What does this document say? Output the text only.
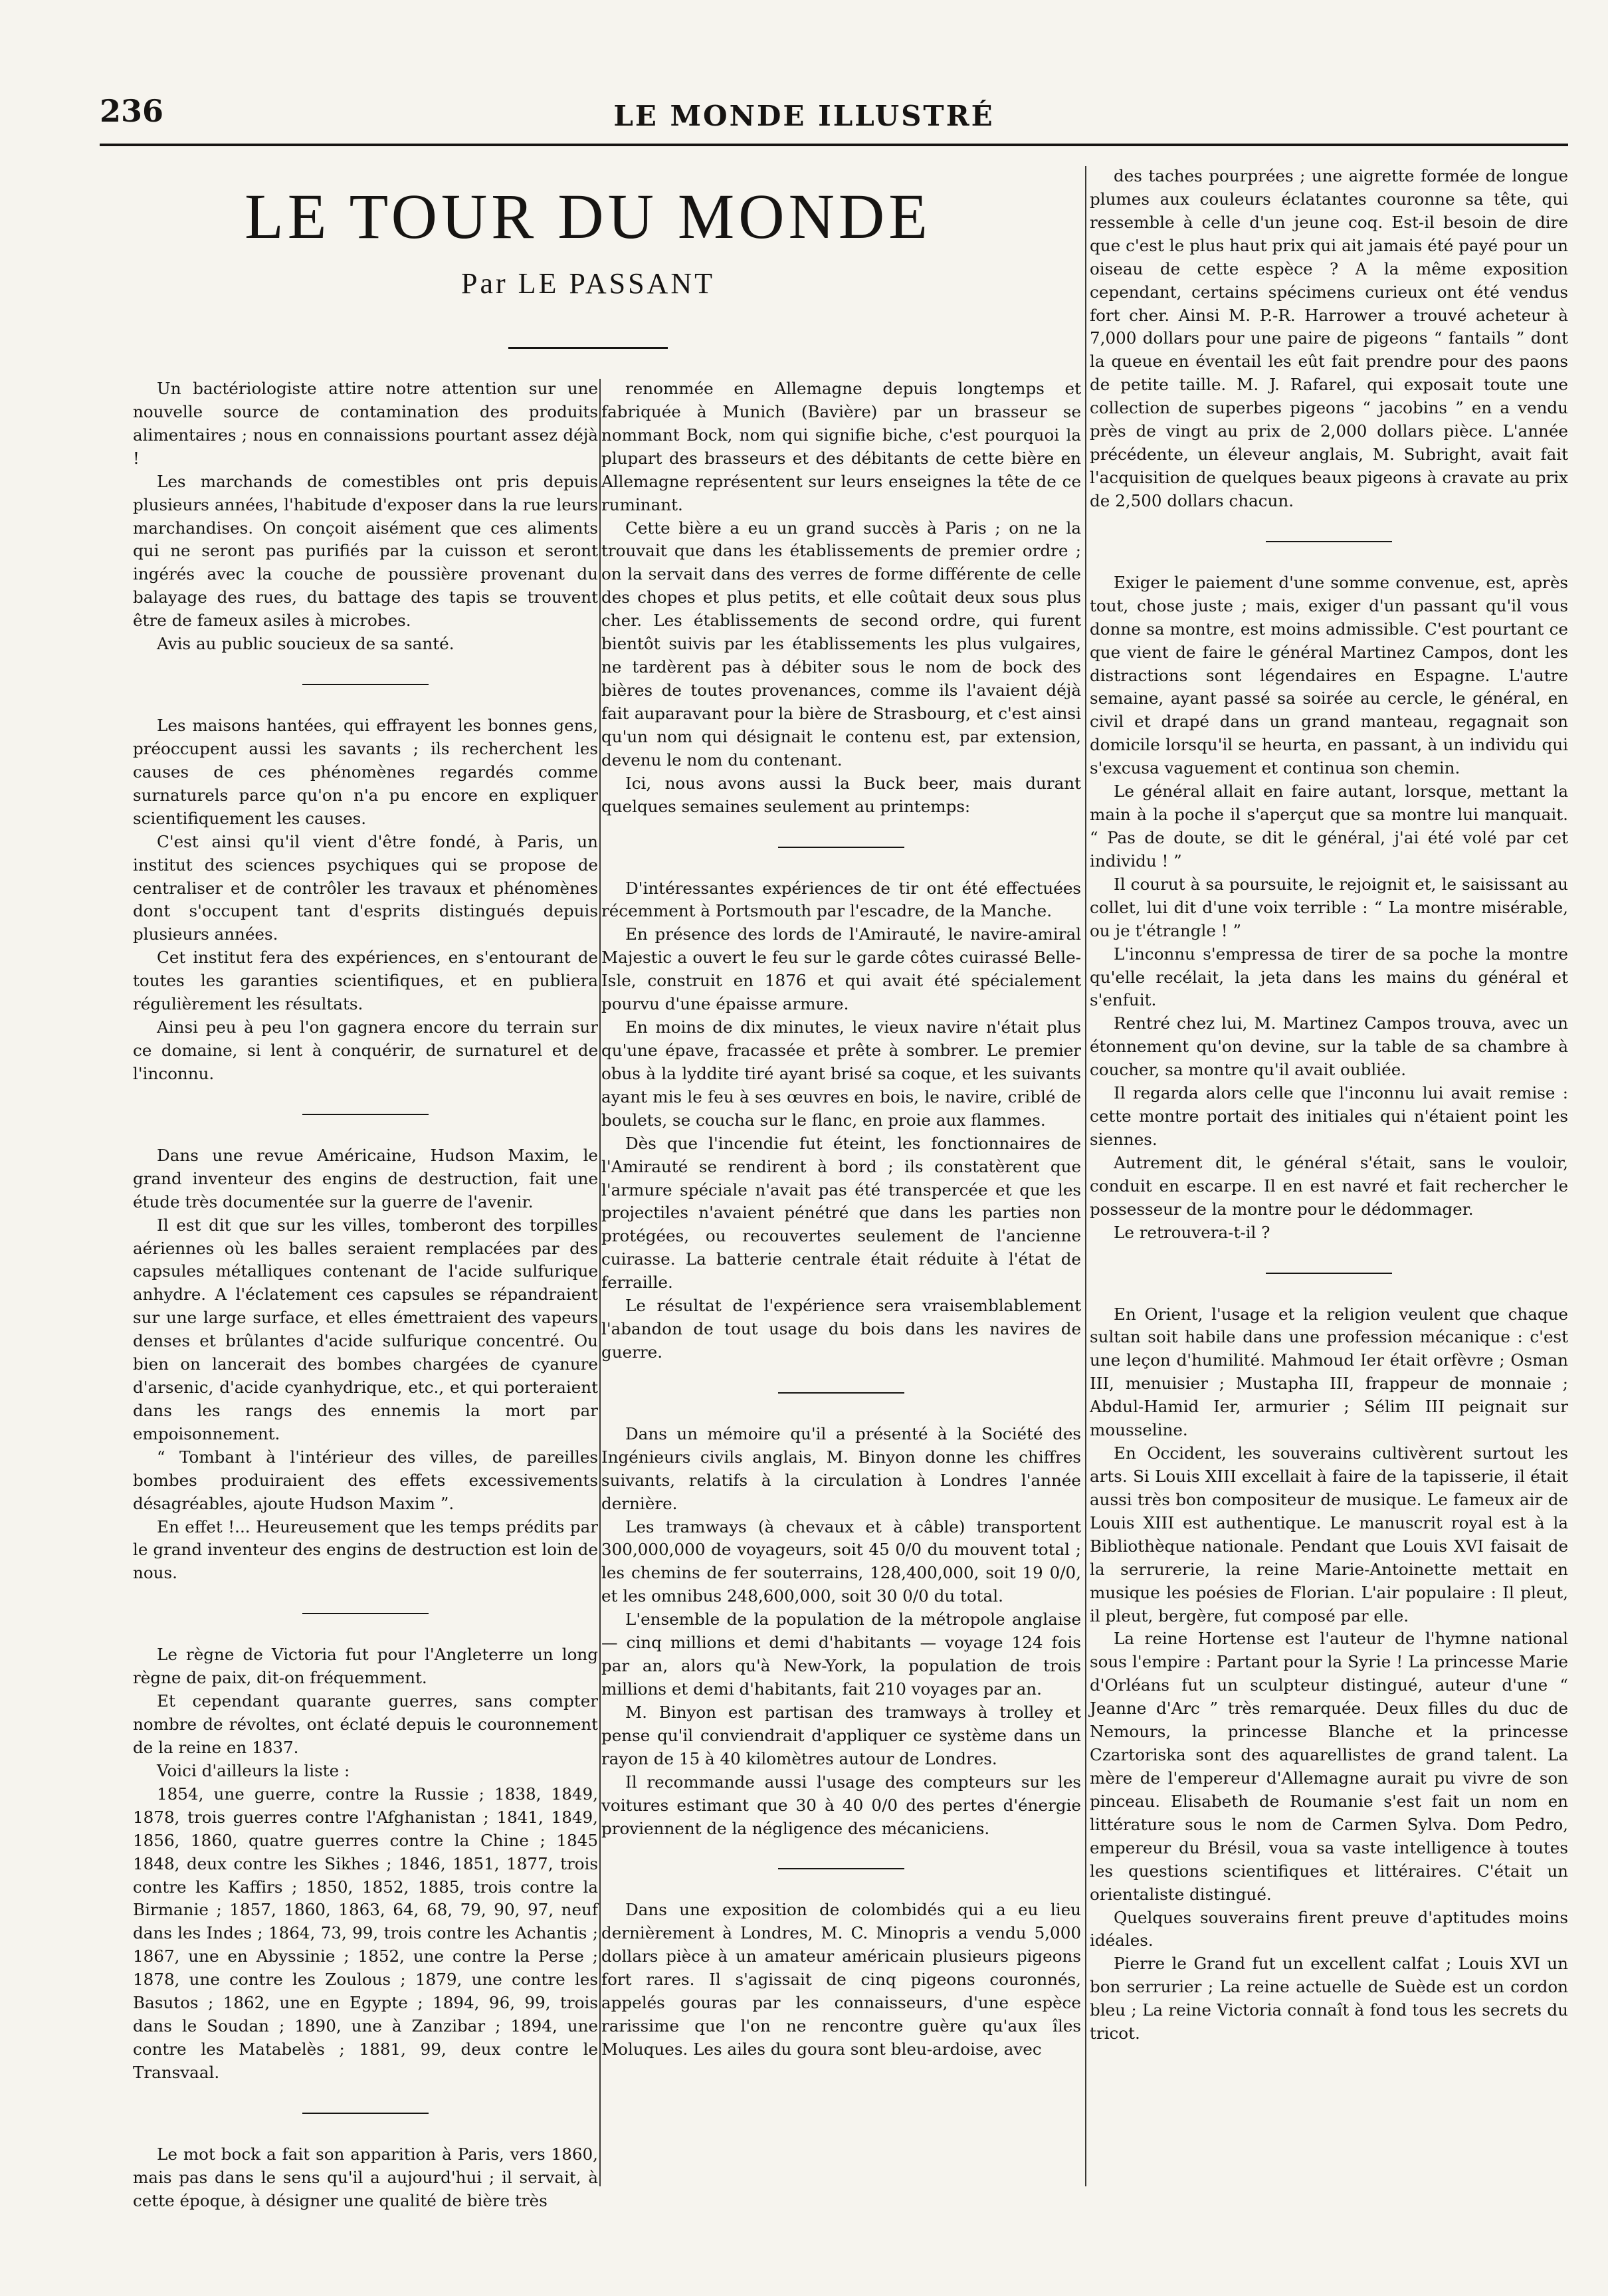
236	LE MONDE ILLUSTRÉ
LE TOUR DU MONDE
Par LE PASSANT

Un bactériologiste attire notre attention sur une nouvelle source de contamination des produits alimentaires ; nous en connaissions pourtant assez déjà !

Les marchands de comestibles ont pris depuis plusieurs années, l'habitude d'exposer dans la rue leurs marchandises. On conçoit aisément que ces aliments qui ne seront pas purifiés par la cuisson et seront ingérés avec la couche de poussière provenant du balayage des rues, du battage des tapis se trouvent être de fameux asiles à microbes.

Avis au public soucieux de sa santé.

Les maisons hantées, qui effrayent les bonnes gens, préoccupent aussi les savants ; ils recherchent les causes de ces phénomènes regardés comme surnaturels parce qu'on n'a pu encore en expliquer scientifiquement les causes.

C'est ainsi qu'il vient d'être fondé, à Paris, un institut des sciences psychiques qui se propose de centraliser et de contrôler les travaux et phénomènes dont s'occupent tant d'esprits distingués depuis plusieurs années.

Cet institut fera des expériences, en s'entourant de toutes les garanties scientifiques, et en publiera régulièrement les résultats.

Ainsi peu à peu l'on gagnera encore du terrain sur ce domaine, si lent à conquérir, de surnaturel et de l'inconnu.

Dans une revue Américaine, Hudson Maxim, le grand inventeur des engins de destruction, fait une étude très documentée sur la guerre de l'avenir.

Il est dit que sur les villes, tomberont des torpilles aériennes où les balles seraient remplacées par des capsules métalliques contenant de l'acide sulfurique anhydre. A l'éclatement ces capsules se répandraient sur une large surface, et elles émettraient des vapeurs denses et brûlantes d'acide sulfurique concentré. Ou bien on lancerait des bombes chargées de cyanure d'arsenic, d'acide cyanhydrique, etc., et qui porteraient dans les rangs des ennemis la mort par empoisonnement.

“ Tombant à l'intérieur des villes, de pareilles bombes produiraient des effets excessivements désagréables, ajoute Hudson Maxim ”.

En effet !... Heureusement que les temps prédits par le grand inventeur des engins de destruction est loin de nous.

Le règne de Victoria fut pour l'Angleterre un long règne de paix, dit-on fréquemment.

Et cependant quarante guerres, sans compter nombre de révoltes, ont éclaté depuis le couronnement de la reine en 1837.

Voici d'ailleurs la liste :

1854, une guerre, contre la Russie ; 1838, 1849, 1878, trois guerres contre l'Afghanistan ; 1841, 1849, 1856, 1860, quatre guerres contre la Chine ; 1845 1848, deux contre les Sikhes ; 1846, 1851, 1877, trois contre les Kaffirs ; 1850, 1852, 1885, trois contre la Birmanie ; 1857, 1860, 1863, 64, 68, 79, 90, 97, neuf dans les Indes ; 1864, 73, 99, trois contre les Achantis ; 1867, une en Abyssinie ; 1852, une contre la Perse ; 1878, une contre les Zoulous ; 1879, une contre les Basutos ; 1862, une en Egypte ; 1894, 96, 99, trois dans le Soudan ; 1890, une à Zanzibar ; 1894, une contre les Matabelès ; 1881, 99, deux contre le Transvaal.

Le mot bock a fait son apparition à Paris, vers 1860, mais pas dans le sens qu'il a aujourd'hui ; il servait, à cette époque, à désigner une qualité de bière très

renommée en Allemagne depuis longtemps et fabriquée à Munich (Bavière) par un brasseur se nommant Bock, nom qui signifie biche, c'est pourquoi la plupart des brasseurs et des débitants de cette bière en Allemagne représentent sur leurs enseignes la tête de ce ruminant.

Cette bière a eu un grand succès à Paris ; on ne la trouvait que dans les établissements de premier ordre ; on la servait dans des verres de forme différente de celle des chopes et plus petits, et elle coûtait deux sous plus cher. Les établissements de second ordre, qui furent bientôt suivis par les établissements les plus vulgaires, ne tardèrent pas à débiter sous le nom de bock des bières de toutes provenances, comme ils l'avaient déjà fait auparavant pour la bière de Strasbourg, et c'est ainsi qu'un nom qui désignait le contenu est, par extension, devenu le nom du contenant.

Ici, nous avons aussi la Buck beer, mais durant quelques semaines seulement au printemps:

D'intéressantes expériences de tir ont été effectuées récemment à Portsmouth par l'escadre, de la Manche.

En présence des lords de l'Amirauté, le navire-amiral Majestic a ouvert le feu sur le garde côtes cuirassé Belle-Isle, construit en 1876 et qui avait été spécialement pourvu d'une épaisse armure.

En moins de dix minutes, le vieux navire n'était plus qu'une épave, fracassée et prête à sombrer. Le premier obus à la lyddite tiré ayant brisé sa coque, et les suivants ayant mis le feu à ses œuvres en bois, le navire, criblé de boulets, se coucha sur le flanc, en proie aux flammes.

Dès que l'incendie fut éteint, les fonctionnaires de l'Amirauté se rendirent à bord ; ils constatèrent que l'armure spéciale n'avait pas été transpercée et que les projectiles n'avaient pénétré que dans les parties non protégées, ou recouvertes seulement de l'ancienne cuirasse. La batterie centrale était réduite à l'état de ferraille.

Le résultat de l'expérience sera vraisemblablement l'abandon de tout usage du bois dans les navires de guerre.

Dans un mémoire qu'il a présenté à la Société des Ingénieurs civils anglais, M. Binyon donne les chiffres suivants, relatifs à la circulation à Londres l'année dernière.

Les tramways (à chevaux et à câble) transportent 300,000,000 de voyageurs, soit 45 0/0 du mouvent total ; les chemins de fer souterrains, 128,400,000, soit 19 0/0, et les omnibus 248,600,000, soit 30 0/0 du total.

L'ensemble de la population de la métropole anglaise — cinq millions et demi d'habitants — voyage 124 fois par an, alors qu'à New-York, la population de trois millions et demi d'habitants, fait 210 voyages par an.

M. Binyon est partisan des tramways à trolley et pense qu'il conviendrait d'appliquer ce système dans un rayon de 15 à 40 kilomètres autour de Londres.

Il recommande aussi l'usage des compteurs sur les voitures estimant que 30 à 40 0/0 des pertes d'énergie proviennent de la négligence des mécaniciens.

Dans une exposition de colombidés qui a eu lieu dernièrement à Londres, M. C. Minopris a vendu 5,000 dollars pièce à un amateur américain plusieurs pigeons fort rares. Il s'agissait de cinq pigeons couronnés, appelés gouras par les connaisseurs, d'une espèce rarissime que l'on ne rencontre guère qu'aux îles Moluques. Les ailes du goura sont bleu-ardoise, avec

des taches pourprées ; une aigrette formée de longue plumes aux couleurs éclatantes couronne sa tête, qui ressemble à celle d'un jeune coq. Est-il besoin de dire que c'est le plus haut prix qui ait jamais été payé pour un oiseau de cette espèce ? A la même exposition cependant, certains spécimens curieux ont été vendus fort cher. Ainsi M. P.-R. Harrower a trouvé acheteur à 7,000 dollars pour une paire de pigeons “ fantails ” dont la queue en éventail les eût fait prendre pour des paons de petite taille. M. J. Rafarel, qui exposait toute une collection de superbes pigeons “ jacobins ” en a vendu près de vingt au prix de 2,000 dollars pièce. L'année précédente, un éleveur anglais, M. Subright, avait fait l'acquisition de quelques beaux pigeons à cravate au prix de 2,500 dollars chacun.

Exiger le paiement d'une somme convenue, est, après tout, chose juste ; mais, exiger d'un passant qu'il vous donne sa montre, est moins admissible. C'est pourtant ce que vient de faire le général Martinez Campos, dont les distractions sont légendaires en Espagne. L'autre semaine, ayant passé sa soirée au cercle, le général, en civil et drapé dans un grand manteau, regagnait son domicile lorsqu'il se heurta, en passant, à un individu qui s'excusa vaguement et continua son chemin.

Le général allait en faire autant, lorsque, mettant la main à la poche il s'aperçut que sa montre lui manquait. “ Pas de doute, se dit le général, j'ai été volé par cet individu ! ”

Il courut à sa poursuite, le rejoignit et, le saisissant au collet, lui dit d'une voix terrible : “ La montre misérable, ou je t'étrangle ! ”

L'inconnu s'empressa de tirer de sa poche la montre qu'elle recélait, la jeta dans les mains du général et s'enfuit.

Rentré chez lui, M. Martinez Campos trouva, avec un étonnement qu'on devine, sur la table de sa chambre à coucher, sa montre qu'il avait oubliée.

Il regarda alors celle que l'inconnu lui avait remise : cette montre portait des initiales qui n'étaient point les siennes.

Autrement dit, le général s'était, sans le vouloir, conduit en escarpe. Il en est navré et fait rechercher le possesseur de la montre pour le dédommager.

Le retrouvera-t-il ?

En Orient, l'usage et la religion veulent que chaque sultan soit habile dans une profession mécanique : c'est une leçon d'humilité. Mahmoud Ier était orfèvre ; Osman III, menuisier ; Mustapha III, frappeur de monnaie ; Abdul-Hamid Ier, armurier ; Sélim III peignait sur mousseline.

En Occident, les souverains cultivèrent surtout les arts. Si Louis XIII excellait à faire de la tapisserie, il était aussi très bon compositeur de musique. Le fameux air de Louis XIII est authentique. Le manuscrit royal est à la Bibliothèque nationale. Pendant que Louis XVI faisait de la serrurerie, la reine Marie-Antoinette mettait en musique les poésies de Florian. L'air populaire : Il pleut, il pleut, bergère, fut composé par elle.

La reine Hortense est l'auteur de l'hymne national sous l'empire : Partant pour la Syrie ! La princesse Marie d'Orléans fut un sculpteur distingué, auteur d'une “ Jeanne d'Arc ” très remarquée. Deux filles du duc de Nemours, la princesse Blanche et la princesse Czartoriska sont des aquarellistes de grand talent. La mère de l'empereur d'Allemagne aurait pu vivre de son pinceau. Elisabeth de Roumanie s'est fait un nom en littérature sous le nom de Carmen Sylva. Dom Pedro, empereur du Brésil, voua sa vaste intelligence à toutes les questions scientifiques et littéraires. C'était un orientaliste distingué.

Quelques souverains firent preuve d'aptitudes moins idéales.

Pierre le Grand fut un excellent calfat ; Louis XVI un bon serrurier ; La reine actuelle de Suède est un cordon bleu ; La reine Victoria connaît à fond tous les secrets du tricot.
